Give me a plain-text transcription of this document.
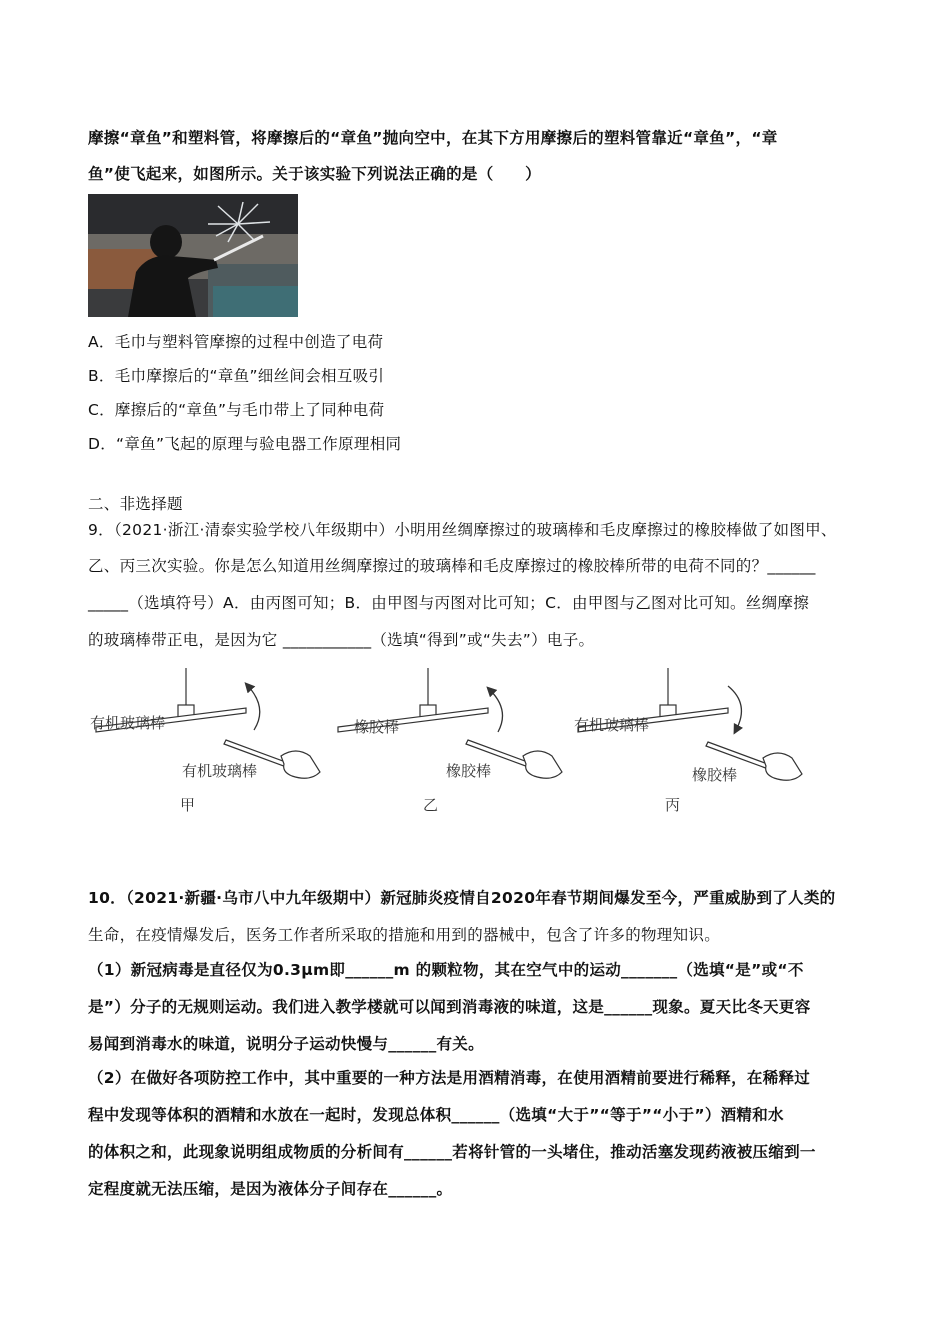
摩擦“章鱼”和塑料管，将摩擦后的“章鱼”抛向空中，在其下方用摩擦后的塑料管靠近“章鱼”，“章
鱼”使飞起来，如图所示。关于该实验下列说法正确的是（　　）
A．毛巾与塑料管摩擦的过程中创造了电荷
B．毛巾摩擦后的“章鱼”细丝间会相互吸引
C．摩擦后的“章鱼”与毛巾带上了同种电荷
D．“章鱼”飞起的原理与验电器工作原理相同
二、非选择题
9．（2021·浙江·清泰实验学校八年级期中）小明用丝绸摩擦过的玻璃棒和毛皮摩擦过的橡胶棒做了如图甲、
乙、丙三次实验。你是怎么知道用丝绸摩擦过的玻璃棒和毛皮摩擦过的橡胶棒所带的电荷不同的？______
_____（选填符号）A．由丙图可知；B．由甲图与丙图对比可知；C．由甲图与乙图对比可知。丝绸摩擦
的玻璃棒带正电，是因为它 ___________（选填“得到”或“失去”）电子。
有机玻璃棒
有机玻璃棒
甲
橡胶棒
橡胶棒
乙
有机玻璃棒
橡胶棒
丙
10．（2021·新疆·乌市八中九年级期中）新冠肺炎疫情自2020年春节期间爆发至今，严重威胁到了人类的
生命，在疫情爆发后，医务工作者所采取的措施和用到的器械中，包含了许多的物理知识。
（1）新冠病毒是直径仅为0.3μm即______m 的颗粒物，其在空气中的运动_______（选填“是”或“不
是”）分子的无规则运动。我们进入教学楼就可以闻到消毒液的味道，这是______现象。夏天比冬天更容
易闻到消毒水的味道，说明分子运动快慢与______有关。
（2）在做好各项防控工作中，其中重要的一种方法是用酒精消毒，在使用酒精前要进行稀释，在稀释过
程中发现等体积的酒精和水放在一起时，发现总体积______（选填“大于”“等于”“小于”）酒精和水
的体积之和，此现象说明组成物质的分析间有______若将针管的一头堵住，推动活塞发现药液被压缩到一
定程度就无法压缩，是因为液体分子间存在______。
